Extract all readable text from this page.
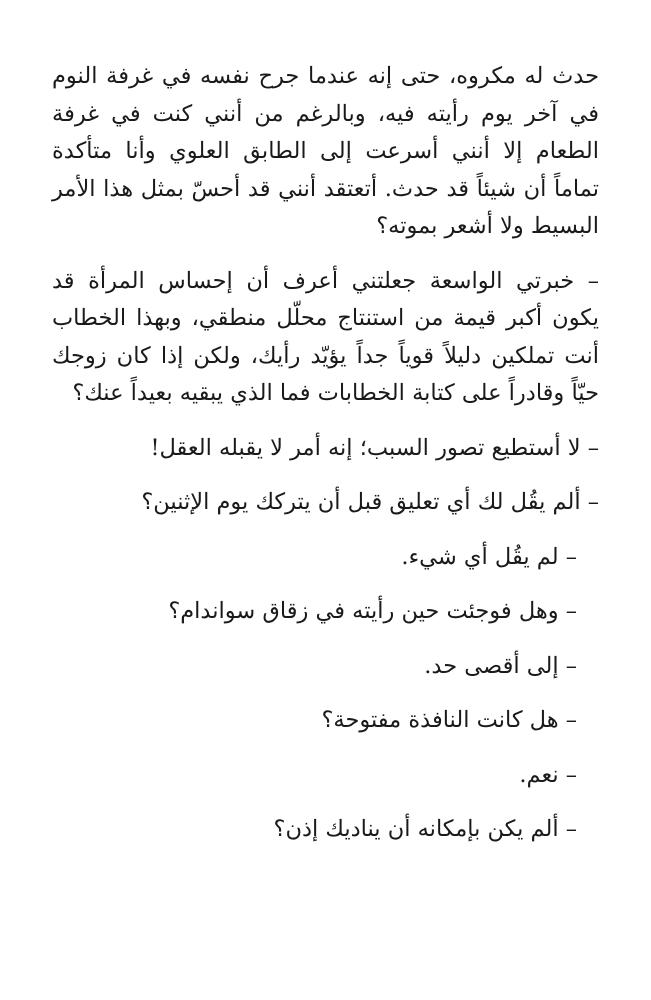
حدث له مكروه، حتى إنه عندما جرح نفسه في غرفة النوم في آخر يوم رأيته فيه، وبالرغم من أنني كنت في غرفة الطعام إلا أنني أسرعت إلى الطابق العلوي وأنا متأكدة تماماً أن شيئاً قد حدث. أتعتقد أنني قد أحسّ بمثل هذا الأمر البسيط ولا أشعر بموته؟

– خبرتي الواسعة جعلتني أعرف أن إحساس المرأة قد يكون أكبر قيمة من استنتاج محلّل منطقي، وبهذا الخطاب أنت تملكين دليلاً قوياً جداً يؤيّد رأيك، ولكن إذا كان زوجك حيّاً وقادراً على كتابة الخطابات فما الذي يبقيه بعيداً عنك؟

– لا أستطيع تصور السبب؛ إنه أمر لا يقبله العقل!

– ألم يقُل لك أي تعليق قبل أن يتركك يوم الإثنين؟

– لم يقُل أي شيء.

– وهل فوجئت حين رأيته في زقاق سواندام؟

– إلى أقصى حد.

– هل كانت النافذة مفتوحة؟

– نعم.

– ألم يكن بإمكانه أن يناديك إذن؟
